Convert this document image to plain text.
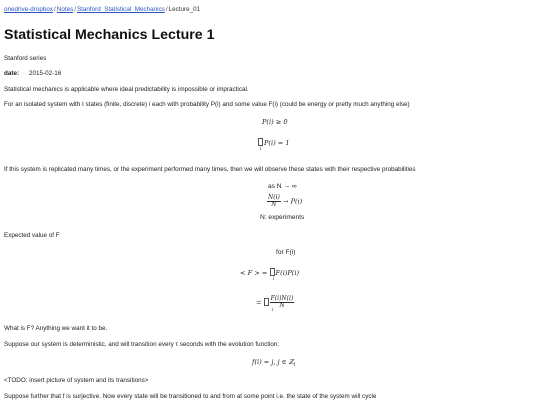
onedrive-dropbox/Notes/Stanford_Statistical_Mechanics/Lecture_01
Statistical Mechanics Lecture 1
Stanford series
date: 2015-02-16
Statistical mechanics is applicable where ideal predictability is impossible or impractical.
For an isolated system with I states (finite, discrete) i each with probability P(i) and some value F(i) (could be energy or pretty much anything else)
P(i) ≥ 0
P(i) = 1
i
If this system is replicated many times, or the experiment performed many times, then we will observe these states with their respective probabilities
as N → ∞
$\frac{N(i)}{N} \to P(i)$
N: experiments
Expected value of F
for F(i)
< F > = F(i)P(i)
i
= $\frac{F(i)N(i)}{N}$
i
What is F? Anything we want it to be.
Suppose our system is deterministic, and will transition every τ seconds with the evolution function:
f(i) = j, j ∈ ℤ$_I$
<TODO: insert picture of system and its transitions>
Suppose further that f is surjective. Now every state will be transitioned to and from at some point i.e. the state of the system will cycle
